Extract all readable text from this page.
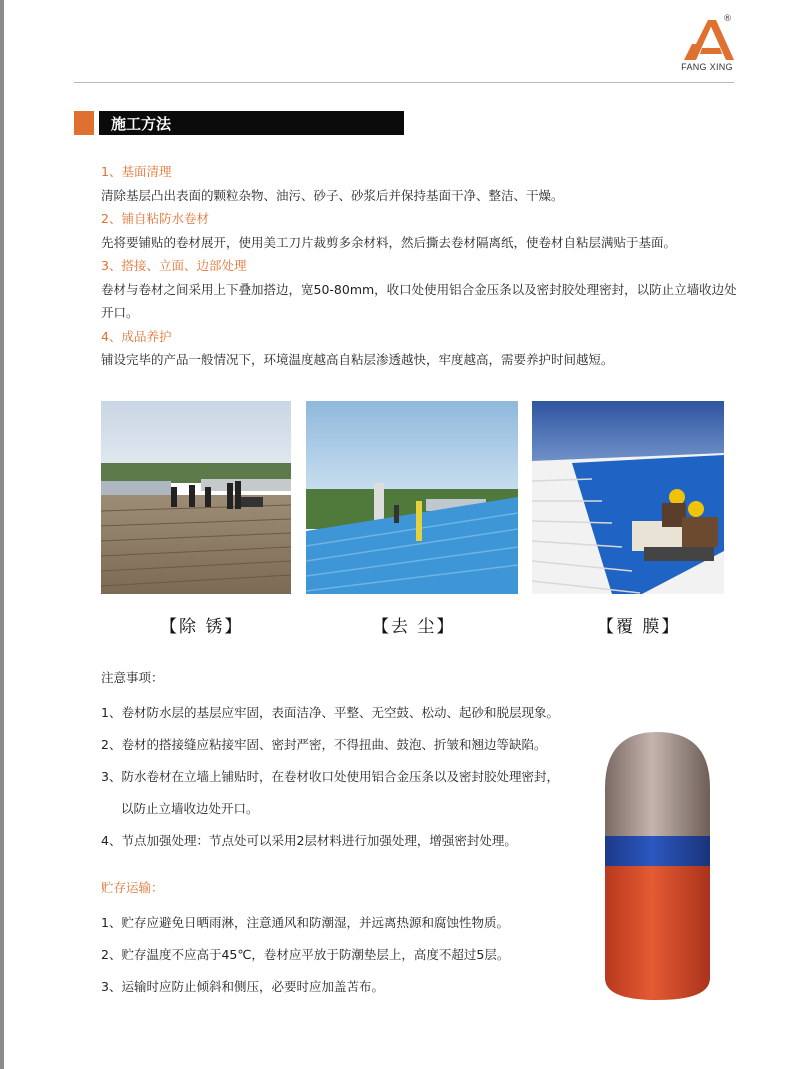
®
FANG XING
施工方法
1、基面清理
清除基层凸出表面的颗粒杂物、油污、砂子、砂浆后并保持基面干净、整洁、干燥。
2、铺自粘防水卷材
先将要铺贴的卷材展开，使用美工刀片裁剪多余材料，然后撕去卷材隔离纸，使卷材自粘层满贴于基面。
3、搭接、立面、边部处理
卷材与卷材之间采用上下叠加搭边，宽50-80mm，收口处使用铝合金压条以及密封胶处理密封，以防止立墙收边处开口。
4、成品养护
铺设完毕的产品一般情况下，环境温度越高自粘层渗透越快，牢度越高，需要养护时间越短。
【除 锈】	【去 尘】	【覆 膜】
注意事项：
1、卷材防水层的基层应牢固，表面洁净、平整、无空鼓、松动、起砂和脱层现象。
2、卷材的搭接缝应粘接牢固、密封严密，不得扭曲、鼓泡、折皱和翘边等缺陷。
3、防水卷材在立墙上铺贴时，在卷材收口处使用铝合金压条以及密封胶处理密封，
以防止立墙收边处开口。
4、节点加强处理：节点处可以采用2层材料进行加强处理，增强密封处理。
贮存运输：
1、贮存应避免日晒雨淋，注意通风和防潮湿，并远离热源和腐蚀性物质。
2、贮存温度不应高于45℃，卷材应平放于防潮垫层上，高度不超过5层。
3、运输时应防止倾斜和侧压，必要时应加盖苫布。
